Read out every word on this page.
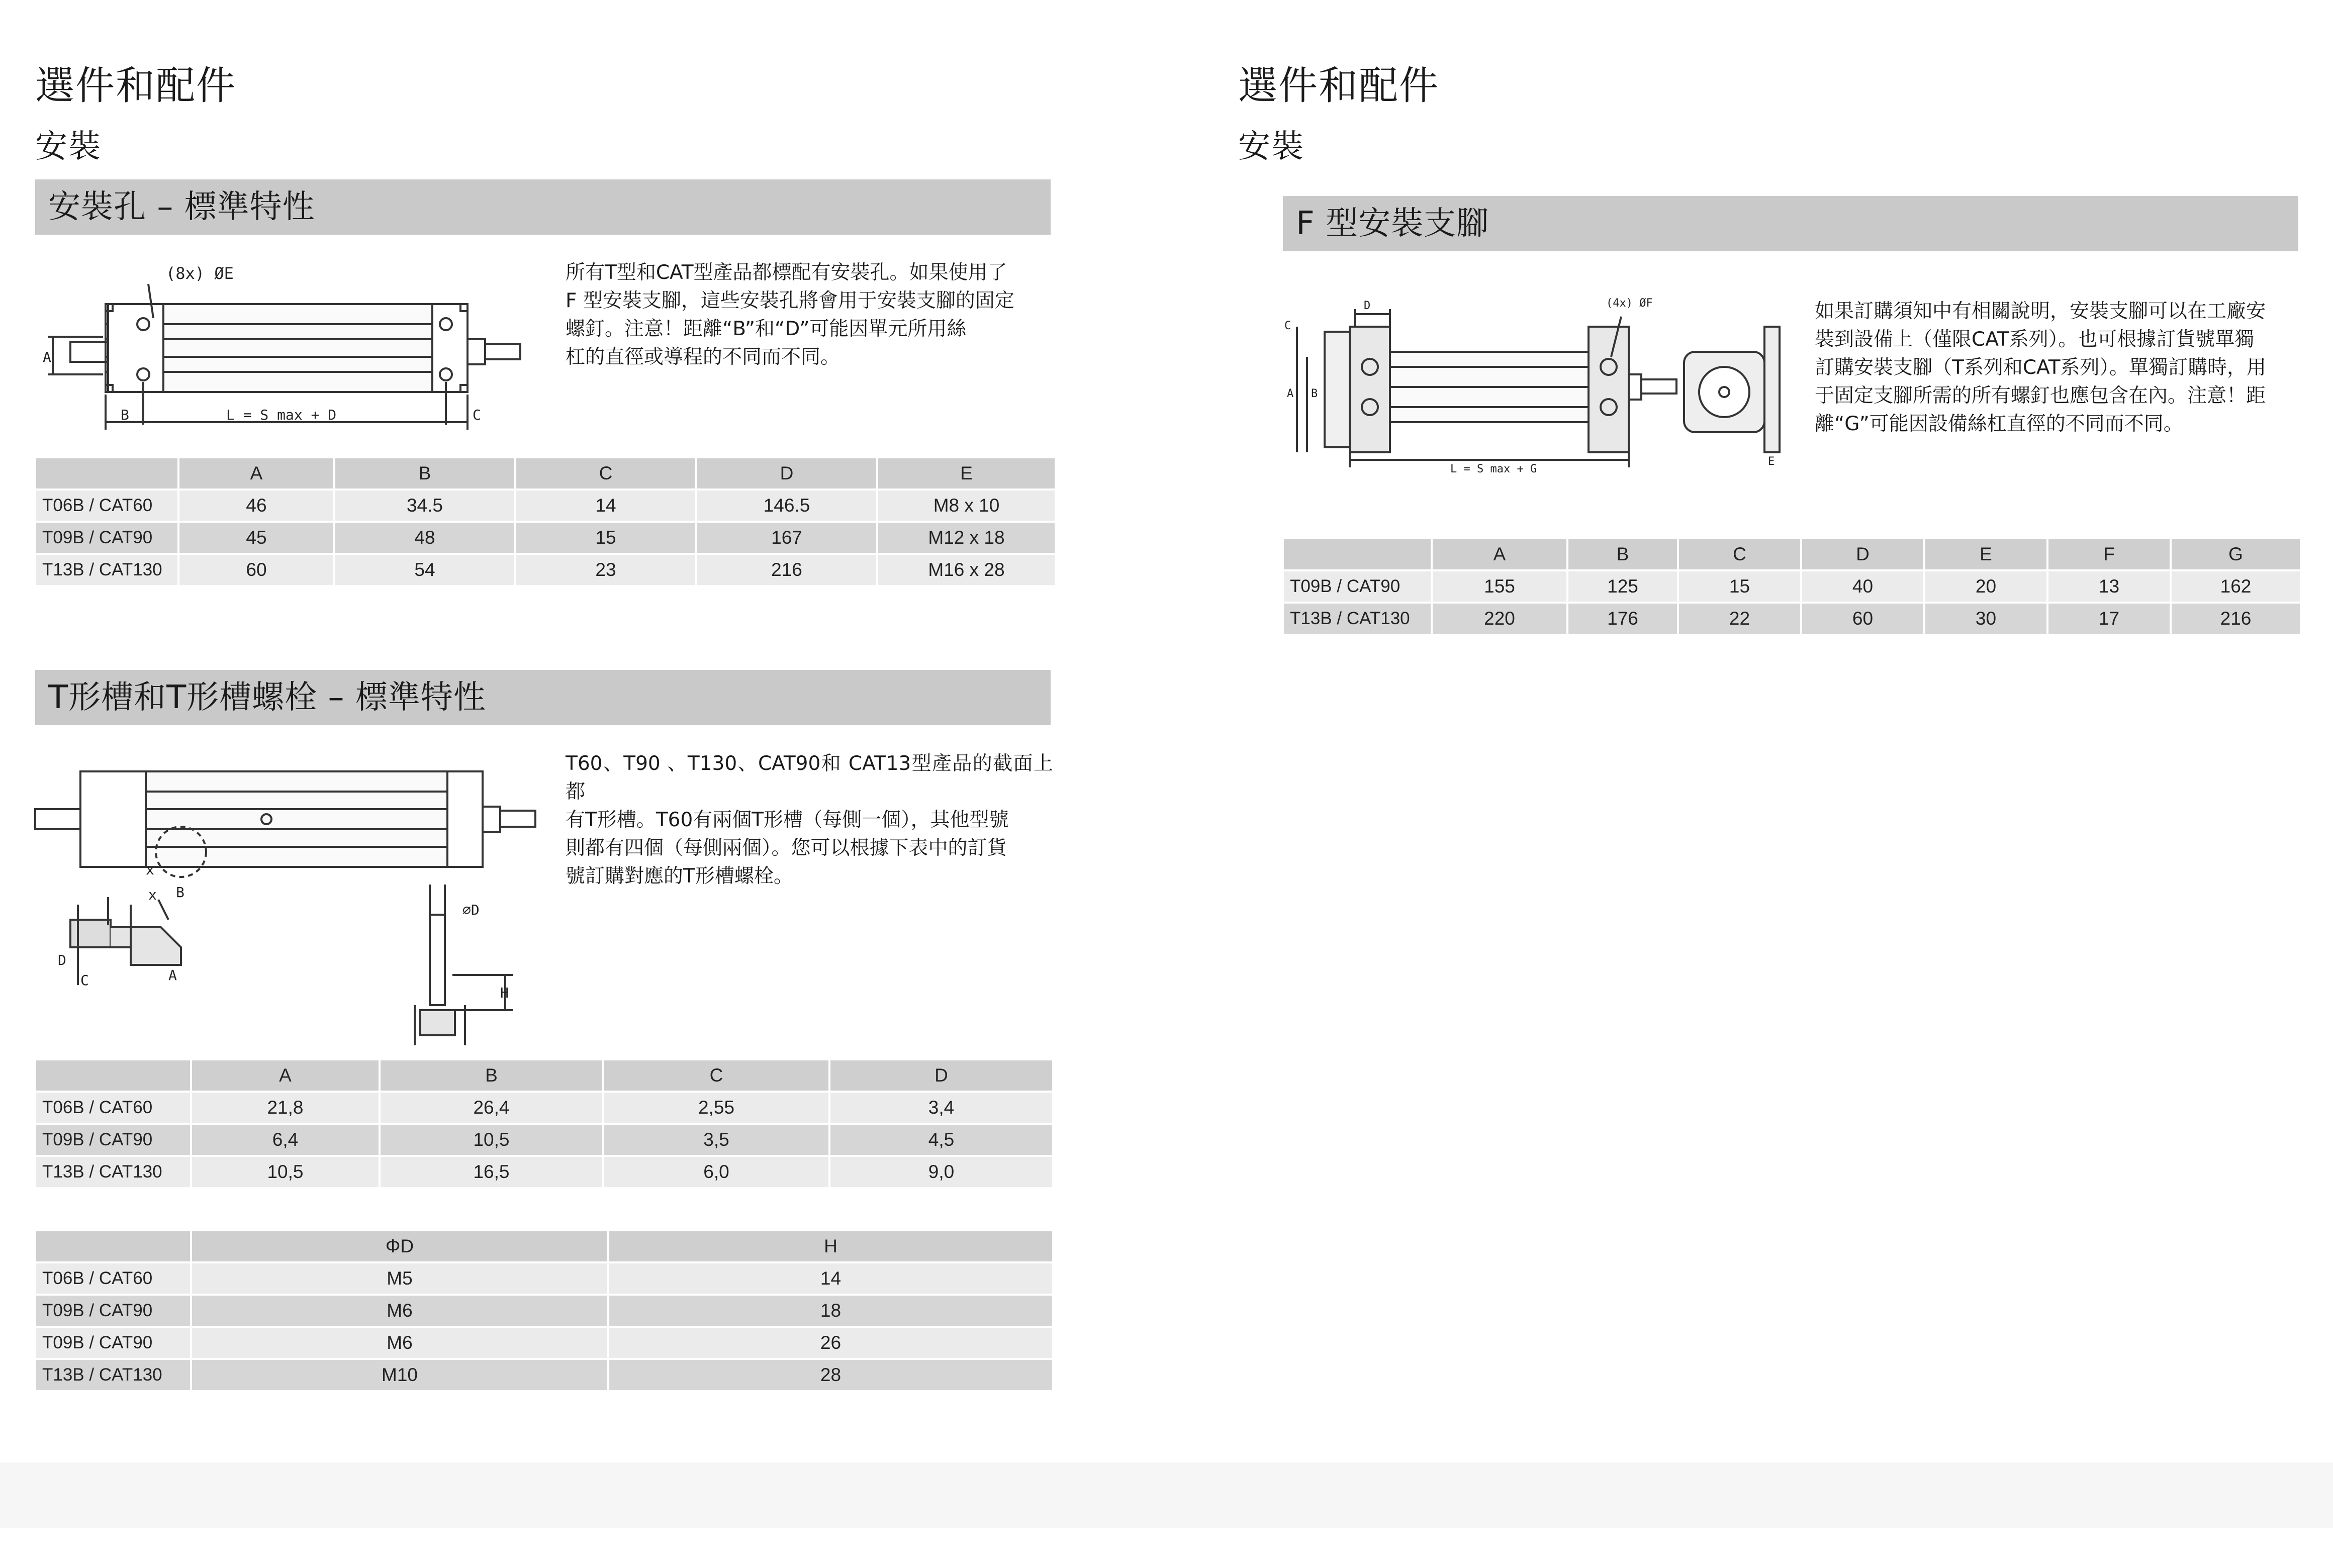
選件和配件
安裝
安裝孔 – 標準特性
(8x) ØE
A
B	L = S max + D	C
所有T型和CAT型產品都標配有安裝孔。如果使用了
F 型安裝支腳，這些安裝孔將會用于安裝支腳的固定
螺釘。注意！距離“B”和“D”可能因單元所用絲
杠的直徑或導程的不同而不同。
	A	B	C	D	E
T06B / CAT60	46	34.5	14	146.5	M8 x 10
T09B / CAT90	45	48	15	167	M12 x 18
T13B / CAT130	60	54	23	216	M16 x 28
T形槽和T形槽螺栓 – 標準特性
x
x
B
D
C	A
⌀D
H
T60、T90 、T130、CAT90和 CAT13型產品的截面上都
有T形槽。T60有兩個T形槽（每側一個），其他型號
則都有四個（每側兩個）。您可以根據下表中的訂貨
號訂購對應的T形槽螺栓。
	A	B	C	D
T06B / CAT60	21,8	26,4	2,55	3,4
T09B / CAT90	6,4	10,5	3,5	4,5
T13B / CAT130	10,5	16,5	6,0	9,0
	ΦD	H
T06B / CAT60	M5	14
T09B / CAT90	M6	18
T09B / CAT90	M6	26
T13B / CAT130	M10	28
選件和配件
安裝
F 型安裝支腳
D	(4x) ØF
C
B
A
L = S max + G
E
如果訂購須知中有相關說明，安裝支腳可以在工廠安
裝到設備上（僅限CAT系列）。也可根據訂貨號單獨
訂購安裝支腳（T系列和CAT系列）。單獨訂購時，用
于固定支腳所需的所有螺釘也應包含在內。注意！距
離“G”可能因設備絲杠直徑的不同而不同。
	A	B	C	D	E	F	G
T09B / CAT90	155	125	15	40	20	13	162
T13B / CAT130	220	176	22	60	30	17	216
